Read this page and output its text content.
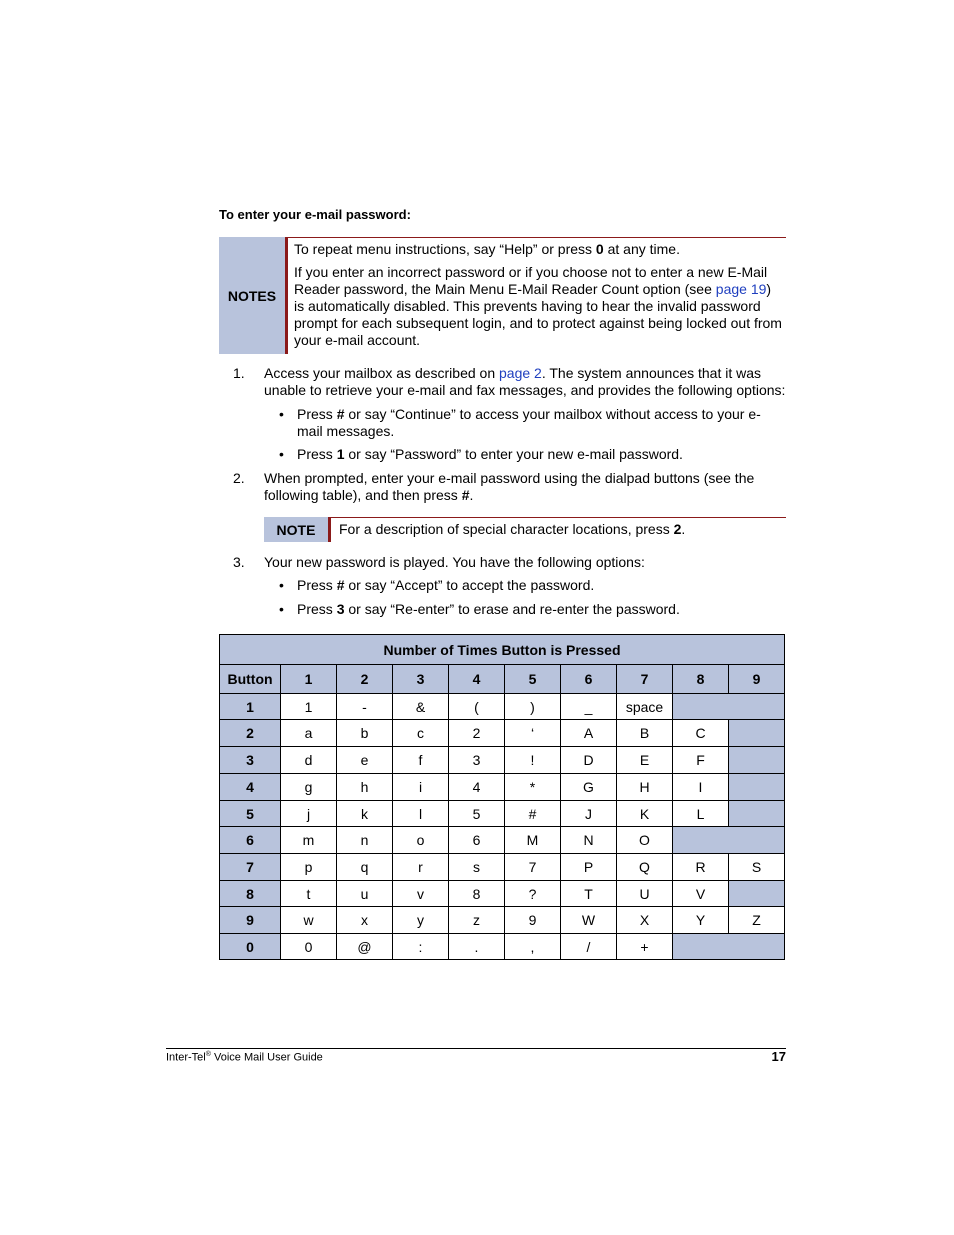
To enter your e-mail password:
NOTES

To repeat menu instructions, say “Help” or press 0 at any time.

If you enter an incorrect password or if you choose not to enter a new E-Mail Reader password, the Main Menu E-Mail Reader Count option (see page 19) is automatically disabled. This prevents having to hear the invalid password prompt for each subsequent login, and to protect against being locked out from your e-mail account.

1. Access your mailbox as described on page 2. The system announces that it was unable to retrieve your e-mail and fax messages, and provides the following options:
• Press # or say “Continue” to access your mailbox without access to your e-mail messages.
• Press 1 or say “Password” to enter your new e-mail password.
2. When prompted, enter your e-mail password using the dialpad buttons (see the following table), and then press #.
NOTE	For a description of special character locations, press 2.
3. Your new password is played. You have the following options:
• Press # or say “Accept” to accept the password.
• Press 3 or say “Re-enter” to erase and re-enter the password.
Number of Times Button is Pressed									
Button	1	2	3	4	5	6	7	8	9
1	1	-	&	(	)	_	space		
2	a	b	c	2	‘	A	B	C	
3	d	e	f	3	!	D	E	F	
4	g	h	i	4	*	G	H	I	
5	j	k	l	5	#	J	K	L	
6	m	n	o	6	M	N	O		
7	p	q	r	s	7	P	Q	R	S
8	t	u	v	8	?	T	U	V	
9	w	x	y	z	9	W	X	Y	Z
0	0	@	:	.	,	/	+		
Inter-Tel® Voice Mail User Guide	17
